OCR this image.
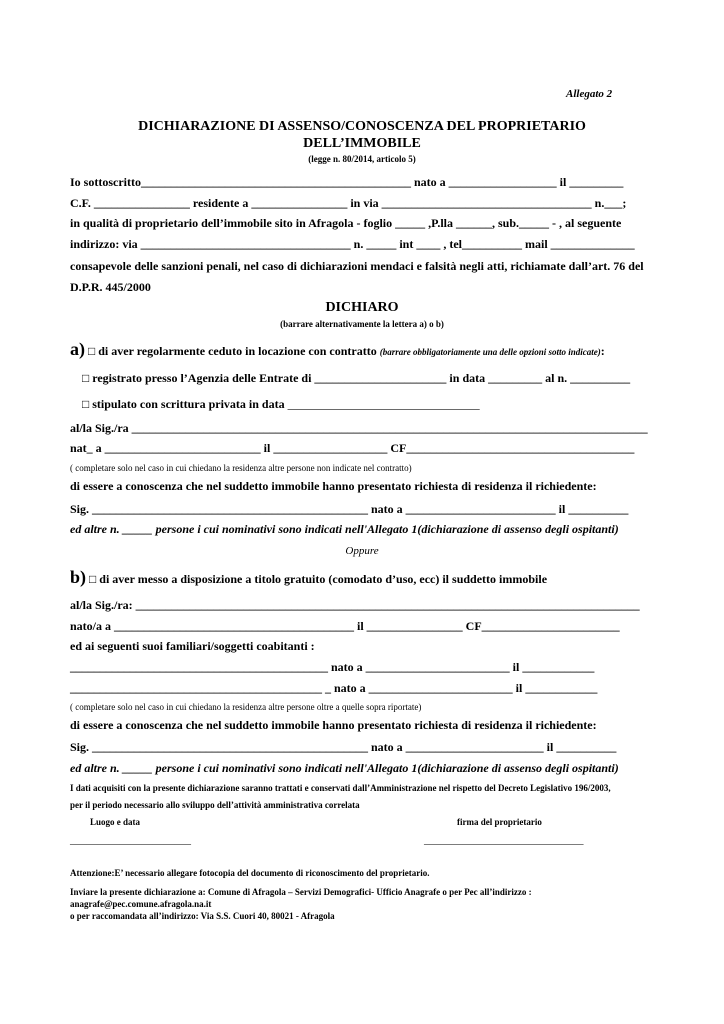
Allegato 2
DICHIARAZIONE DI ASSENSO/CONOSCENZA DEL PROPRIETARIO
DELL’IMMOBILE
(legge n. 80/2014, articolo 5)
Io sottoscritto_____________________________________________ nato a __________________ il _________
C.F. ________________ residente a ________________ in via ___________________________________ n.___;
in qualità di proprietario dell’immobile sito in Afragola - foglio _____ ,P.lla ______, sub._____ - , al seguente
indirizzo: via ___________________________________ n. _____ int ____ , tel__________ mail ______________
consapevole delle sanzioni penali, nel caso di dichiarazioni mendaci e falsità negli atti, richiamate dall’art. 76 del
D.P.R. 445/2000
DICHIARO
(barrare alternativamente la lettera a) o b)
a) □ di aver regolarmente ceduto in locazione con contratto (barrare obbligatoriamente una delle opzioni sotto indicate):
□ registrato presso l’Agenzia delle Entrate di ______________________ in data _________ al n. __________
□ stipulato con scrittura privata in data ________________________________
al/la Sig./ra ______________________________________________________________________________________
nat_ a __________________________ il ___________________ CF______________________________________
( completare solo nel caso in cui chiedano la residenza altre persone non indicate nel contratto)
di essere a conoscenza che nel suddetto immobile hanno presentato richiesta di residenza il richiedente:
Sig. ______________________________________________ nato a _________________________ il __________
ed altre n. _____ persone i cui nominativi sono indicati nell'Allegato 1(dichiarazione di assenso degli ospitanti)
Oppure
b) □ di aver messo a disposizione a titolo gratuito (comodato d’uso, ecc) il suddetto immobile
al/la Sig./ra: ____________________________________________________________________________________
nato/a a ________________________________________ il ________________ CF_______________________
ed ai seguenti suoi familiari/soggetti coabitanti :
___________________________________________ nato a ________________________ il ____________
__________________________________________ _ nato a ________________________ il ____________
( completare solo nel caso in cui chiedano la residenza altre persone oltre a quelle sopra riportate)
di essere a conoscenza che nel suddetto immobile hanno presentato richiesta di residenza il richiedente:
Sig. ______________________________________________ nato a _______________________ il __________
ed altre n. _____ persone i cui nominativi sono indicati nell'Allegato 1(dichiarazione di assenso degli ospitanti)
I dati acquisiti con la presente dichiarazione saranno trattati e conservati dall’Amministrazione nel rispetto del Decreto Legislativo 196/2003,
per il periodo necessario allo sviluppo dell’attività amministrativa correlata
Luogo e data	firma del proprietario
______________________	_____________________________
Attenzione:E’ necessario allegare fotocopia del documento di riconoscimento del proprietario.
Inviare la presente dichiarazione a: Comune di Afragola – Servizi Demografici- Ufficio Anagrafe o per Pec all’indirizzo :
anagrafe@pec.comune.afragola.na.it
o per raccomandata all’indirizzo: Via S.S. Cuori 40, 80021 - Afragola
